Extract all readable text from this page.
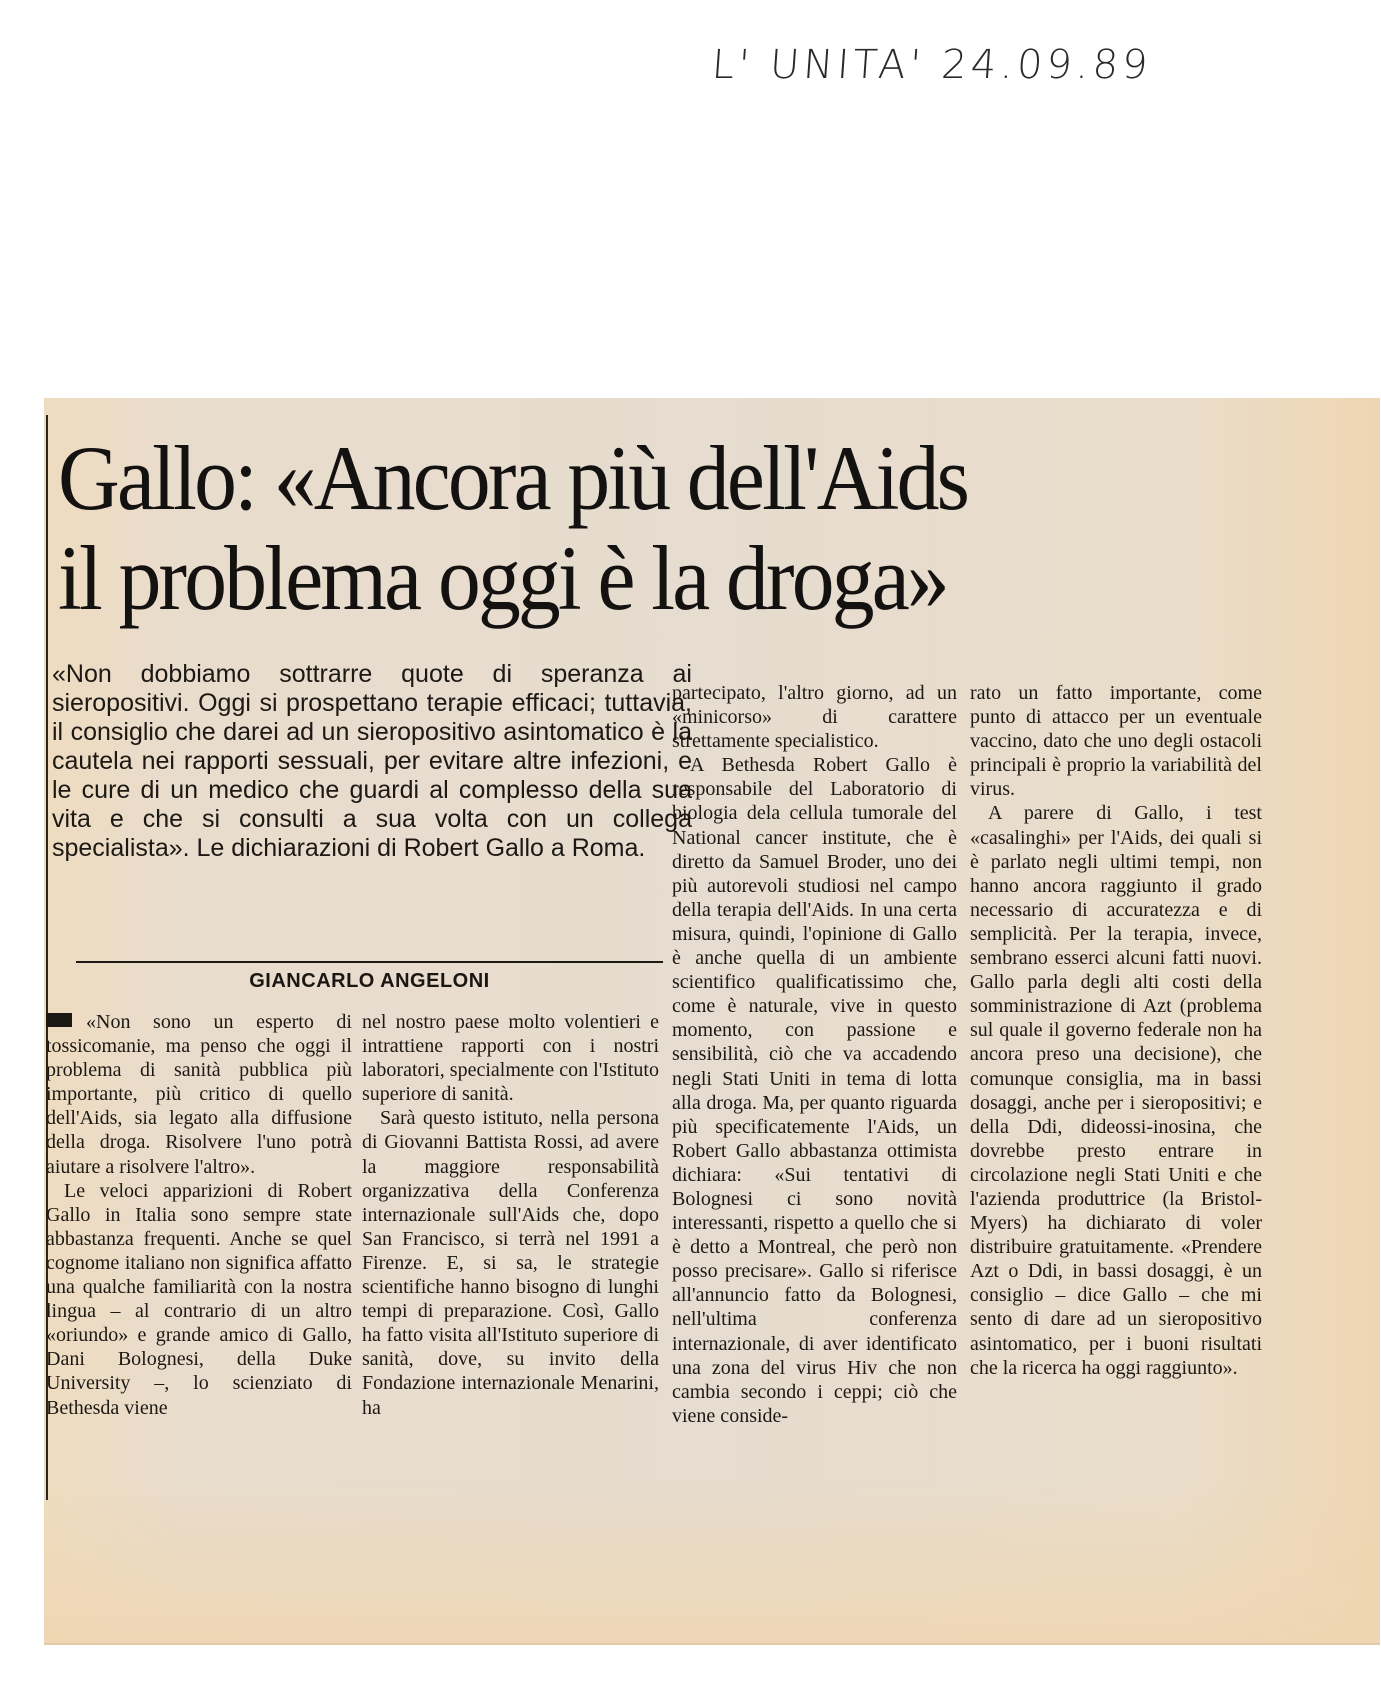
L' UNITA' 24.09.89
Gallo: «Ancora più dell'Aids
il problema oggi è la droga»
«Non dobbiamo sottrarre quote di speranza ai sieropositivi. Oggi si prospettano terapie efficaci; tuttavia, il consiglio che darei ad un sieropositivo asintomatico è la cautela nei rapporti sessuali, per evitare altre infezioni, e le cure di un medico che guardi al complesso della sua vita e che si consulti a sua volta con un collega specialista». Le dichiarazioni di Robert Gallo a Roma.
GIANCARLO ANGELONI

«Non sono un esperto di tossicomanie, ma penso che oggi il problema di sanità pubblica più importante, più critico di quello dell'Aids, sia legato alla diffusione della droga. Risolvere l'uno potrà aiutare a risolvere l'altro».

Le veloci apparizioni di Robert Gallo in Italia sono sempre state abbastanza frequenti. Anche se quel cognome italiano non significa affatto una qualche familiarità con la nostra lingua – al contrario di un altro «oriundo» e grande amico di Gallo, Dani Bolognesi, della Duke University –, lo scienziato di Bethesda viene

nel nostro paese molto volentieri e intrattiene rapporti con i nostri laboratori, specialmente con l'Istituto superiore di sanità.

Sarà questo istituto, nella persona di Giovanni Battista Rossi, ad avere la maggiore responsabilità organizzativa della Conferenza internazionale sull'Aids che, dopo San Francisco, si terrà nel 1991 a Firenze. E, si sa, le strategie scientifiche hanno bisogno di lunghi tempi di preparazione. Così, Gallo ha fatto visita all'Istituto superiore di sanità, dove, su invito della Fondazione internazionale Menarini, ha

partecipato, l'altro giorno, ad un «minicorso» di carattere strettamente specialistico.

A Bethesda Robert Gallo è responsabile del Laboratorio di biologia dela cellula tumorale del National cancer institute, che è diretto da Samuel Broder, uno dei più autorevoli studiosi nel campo della terapia dell'Aids. In una certa misura, quindi, l'opinione di Gallo è anche quella di un ambiente scientifico qualificatissimo che, come è naturale, vive in questo momento, con passione e sensibilità, ciò che va accadendo negli Stati Uniti in tema di lotta alla droga. Ma, per quanto riguarda più specificatemente l'Aids, un Robert Gallo abbastanza ottimista dichiara: «Sui tentativi di Bolognesi ci sono novità interessanti, rispetto a quello che si è detto a Montreal, che però non posso precisare». Gallo si riferisce all'annuncio fatto da Bolognesi, nell'ultima conferenza internazionale, di aver identificato una zona del virus Hiv che non cambia secondo i ceppi; ciò che viene conside-

rato un fatto importante, come punto di attacco per un eventuale vaccino, dato che uno degli ostacoli principali è proprio la variabilità del virus.

A parere di Gallo, i test «casalinghi» per l'Aids, dei quali si è parlato negli ultimi tempi, non hanno ancora raggiunto il grado necessario di accuratezza e di semplicità. Per la terapia, invece, sembrano esserci alcuni fatti nuovi. Gallo parla degli alti costi della somministrazione di Azt (problema sul quale il governo federale non ha ancora preso una decisione), che comunque consiglia, ma in bassi dosaggi, anche per i sieropositivi; e della Ddi, dideossi-inosina, che dovrebbe presto entrare in circolazione negli Stati Uniti e che l'azienda produttrice (la Bristol-Myers) ha dichiarato di voler distribuire gratuitamente. «Prendere Azt o Ddi, in bassi dosaggi, è un consiglio – dice Gallo – che mi sento di dare ad un sieropositivo asintomatico, per i buoni risultati che la ricerca ha oggi raggiunto».
